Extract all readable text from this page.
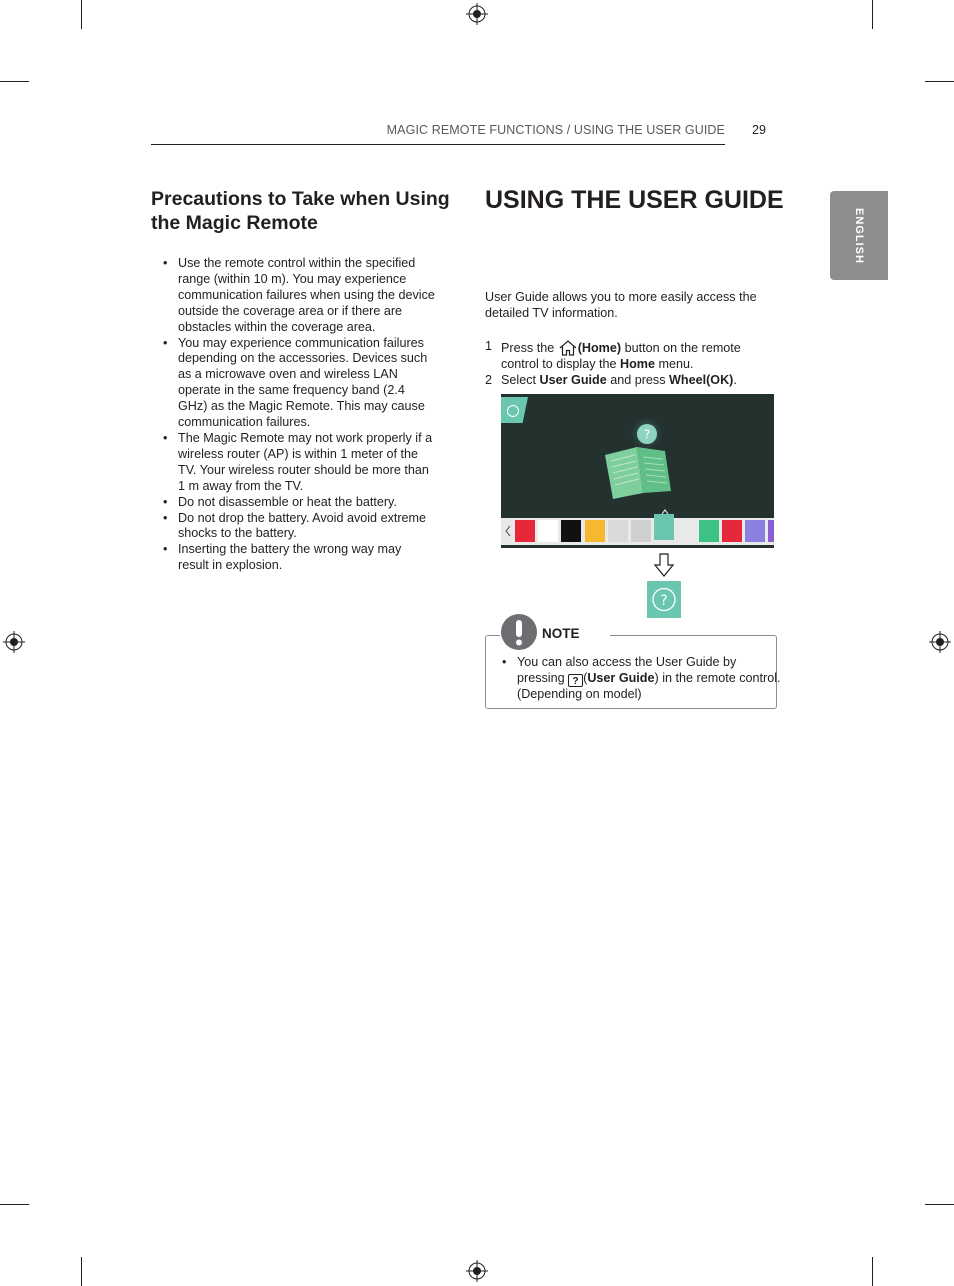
MAGIC REMOTE FUNCTIONS / USING THE USER GUIDE 29
ENGLISH
Precautions to Take when Using the Magic Remote
• Use the remote control within the specified range (within 10 m). You may experience communication failures when using the device outside the coverage area or if there are obstacles within the coverage area.
• You may experience communication failures depending on the accessories. Devices such as a microwave oven and wireless LAN operate in the same frequency band (2.4 GHz) as the Magic Remote. This may cause communication failures.
• The Magic Remote may not work properly if a wireless router (AP) is within 1 meter of the TV. Your wireless router should be more than 1 m away from the TV.
• Do not disassemble or heat the battery.
• Do not drop the battery. Avoid avoid extreme shocks to the battery.
• Inserting the battery the wrong way may result in explosion.
USING THE USER GUIDE
User Guide allows you to more easily access the detailed TV information.
1 Press the (Home) button on the remote control to display the Home menu.
2 Select User Guide and press Wheel(OK).
?
?
NOTE
• You can also access the User Guide by pressing ? (User Guide) in the remote control. (Depending on model)
